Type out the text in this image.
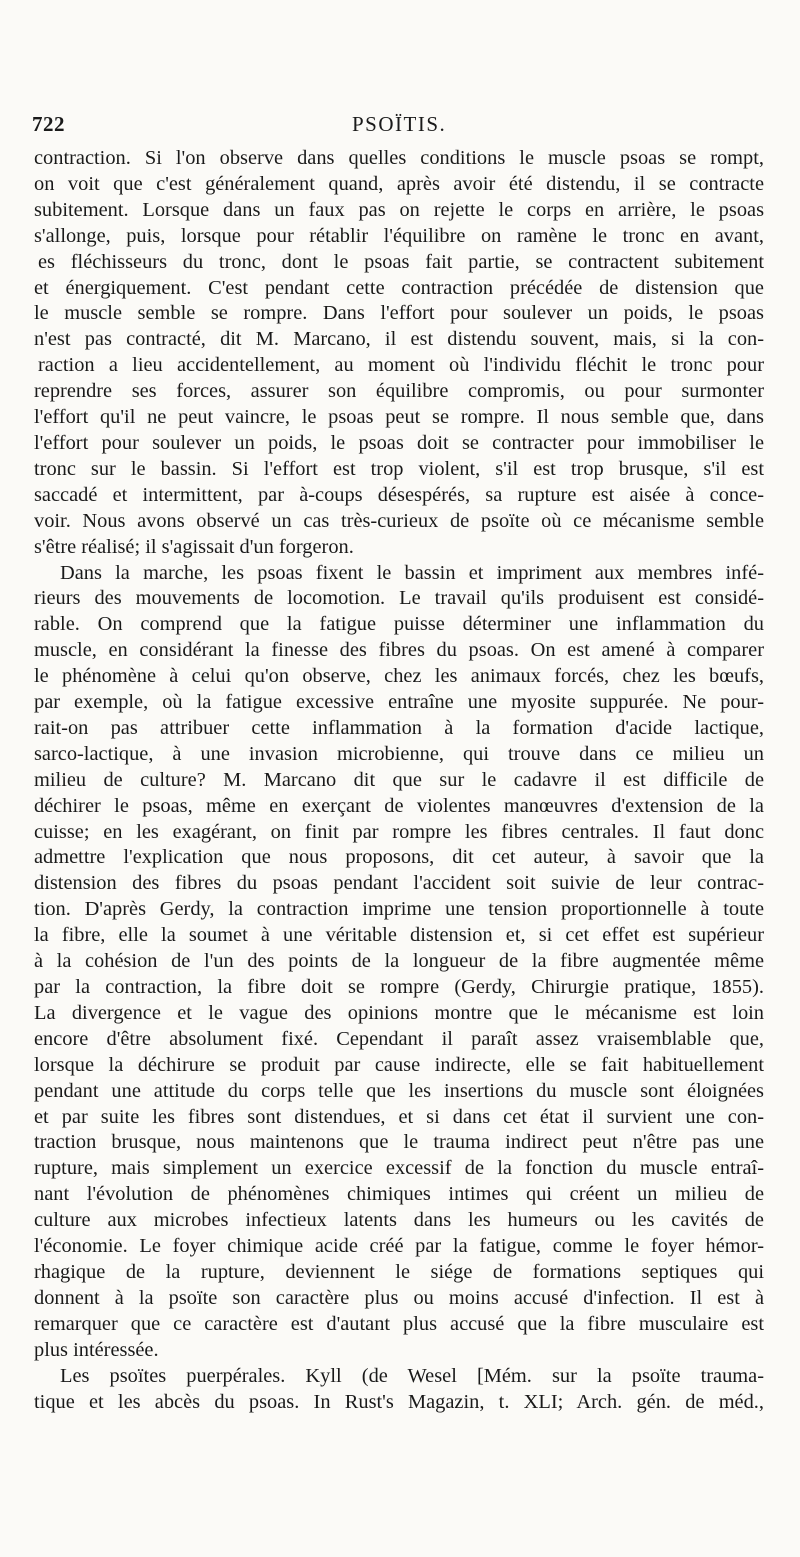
722	PSOÏTIS.
contraction. Si l'on observe dans quelles conditions le muscle psoas se rompt,
on voit que c'est généralement quand, après avoir été distendu, il se contracte
subitement. Lorsque dans un faux pas on rejette le corps en arrière, le psoas
s'allonge, puis, lorsque pour rétablir l'équilibre on ramène le tronc en avant,
es fléchisseurs du tronc, dont le psoas fait partie, se contractent subitement
et énergiquement. C'est pendant cette contraction précédée de distension que
le muscle semble se rompre. Dans l'effort pour soulever un poids, le psoas
n'est pas contracté, dit M. Marcano, il est distendu souvent, mais, si la con-
raction a lieu accidentellement, au moment où l'individu fléchit le tronc pour
reprendre ses forces, assurer son équilibre compromis, ou pour surmonter
l'effort qu'il ne peut vaincre, le psoas peut se rompre. Il nous semble que, dans
l'effort pour soulever un poids, le psoas doit se contracter pour immobiliser le
tronc sur le bassin. Si l'effort est trop violent, s'il est trop brusque, s'il est
saccadé et intermittent, par à-coups désespérés, sa rupture est aisée à conce-
voir. Nous avons observé un cas très-curieux de psoïte où ce mécanisme semble
s'être réalisé; il s'agissait d'un forgeron.
Dans la marche, les psoas fixent le bassin et impriment aux membres infé-
rieurs des mouvements de locomotion. Le travail qu'ils produisent est considé-
rable. On comprend que la fatigue puisse déterminer une inflammation du
muscle, en considérant la finesse des fibres du psoas. On est amené à comparer
le phénomène à celui qu'on observe, chez les animaux forcés, chez les bœufs,
par exemple, où la fatigue excessive entraîne une myosite suppurée. Ne pour-
rait-on pas attribuer cette inflammation à la formation d'acide lactique,
sarco-lactique, à une invasion microbienne, qui trouve dans ce milieu un
milieu de culture? M. Marcano dit que sur le cadavre il est difficile de
déchirer le psoas, même en exerçant de violentes manœuvres d'extension de la
cuisse; en les exagérant, on finit par rompre les fibres centrales. Il faut donc
admettre l'explication que nous proposons, dit cet auteur, à savoir que la
distension des fibres du psoas pendant l'accident soit suivie de leur contrac-
tion. D'après Gerdy, la contraction imprime une tension proportionnelle à toute
la fibre, elle la soumet à une véritable distension et, si cet effet est supérieur
à la cohésion de l'un des points de la longueur de la fibre augmentée même
par la contraction, la fibre doit se rompre (Gerdy, Chirurgie pratique, 1855).
La divergence et le vague des opinions montre que le mécanisme est loin
encore d'être absolument fixé. Cependant il paraît assez vraisemblable que,
lorsque la déchirure se produit par cause indirecte, elle se fait habituellement
pendant une attitude du corps telle que les insertions du muscle sont éloignées
et par suite les fibres sont distendues, et si dans cet état il survient une con-
traction brusque, nous maintenons que le trauma indirect peut n'être pas une
rupture, mais simplement un exercice excessif de la fonction du muscle entraî-
nant l'évolution de phénomènes chimiques intimes qui créent un milieu de
culture aux microbes infectieux latents dans les humeurs ou les cavités de
l'économie. Le foyer chimique acide créé par la fatigue, comme le foyer hémor-
rhagique de la rupture, deviennent le siége de formations septiques qui
donnent à la psoïte son caractère plus ou moins accusé d'infection. Il est à
remarquer que ce caractère est d'autant plus accusé que la fibre musculaire est
plus intéressée.
Les psoïtes puerpérales. Kyll (de Wesel [Mém. sur la psoïte trauma-
tique et les abcès du psoas. In Rust's Magazin, t. XLI; Arch. gén. de méd.,
